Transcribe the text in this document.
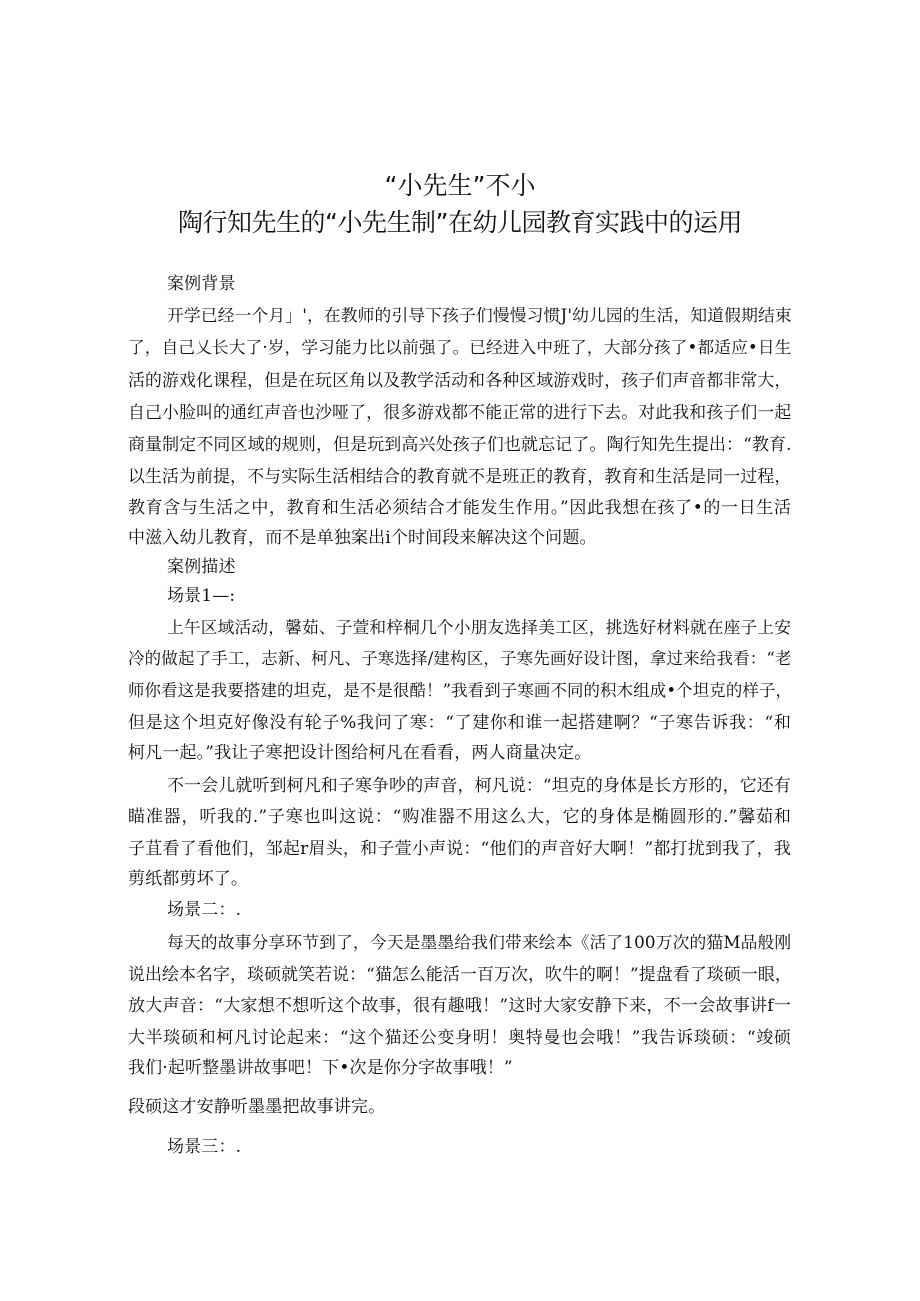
“小先生”不小
陶行知先生的“小先生制”在幼儿园教育实践中的运用
案例背景
开学已经一个月」'，在教师的引导下孩子们慢慢习惯J'幼儿园的生活，知道假期结束
了，自己乂长大了·岁，学习能力比以前强了。已经进入中班了，大部分孩了•都适应•日生
活的游戏化课程，但是在玩区角以及教学活动和各种区域游戏时，孩子们声音都非常大，
自己小脸叫的通红声音也沙哑了，很多游戏都不能正常的进行下去。对此我和孩子们一起
商量制定不同区域的规则，但是玩到高兴处孩子们也就忘记了。陶行知先生提出：“教育.
以生活为前提，不与实际生活相结合的教育就不是班正的教育，教育和生活是同一过程，
教育含与生活之中，教育和生活必须结合才能发生作用。”因此我想在孩了•的一日生活
中滋入幼儿教育，而不是单独案出i个时间段来解决这个问题。
案例描述
场景1—:
上午区域活动，馨茹、子萱和梓桐几个小朋友选择美工区，挑选好材料就在座子上安
冷的做起了手工，志新、柯凡、子寒选择/建构区，子寒先画好设计图，拿过来给我看：“老
师你看这是我要搭建的坦克，是不是很酷！”我看到子寒画不同的积木组成•个坦克的样子，
但是这个坦克好像没有轮子%我问了寒：“了建你和谁一起搭建啊？“子寒告诉我：“和
柯凡一起。”我让子寒把设计图给柯凡在看看，两人商量决定。
不一会儿就听到柯凡和子寒争吵的声音，柯凡说：“坦克的身体是长方形的，它还有
瞄准器，听我的.”子寒也叫这说：“购准器不用这么大，它的身体是椭圆形的.”馨茹和
子苴看了看他们，邹起r眉头，和子萱小声说：“他们的声音好大啊！”都打扰到我了，我
剪纸都剪坏了。
场景二：.
每天的故事分享环节到了，今天是墨墨给我们带来绘本《活了100万次的猫M品般刚
说出绘本名字，琰硕就笑若说：“猫怎么能活一百万次，吹牛的啊！”提盘看了琰硕一眼，
放大声音：“大家想不想听这个故事，很有趣哦！”这时大家安静下来，不一会故事讲f一
大半琰硕和柯凡讨论起来：“这个猫还公变身明！奥特曼也会哦！”我告诉琰硕：“竣硕
我们·起听整墨讲故事吧！下•次是你分字故事哦！”
段硕这才安静听墨墨把故事讲完。
场景三：.
